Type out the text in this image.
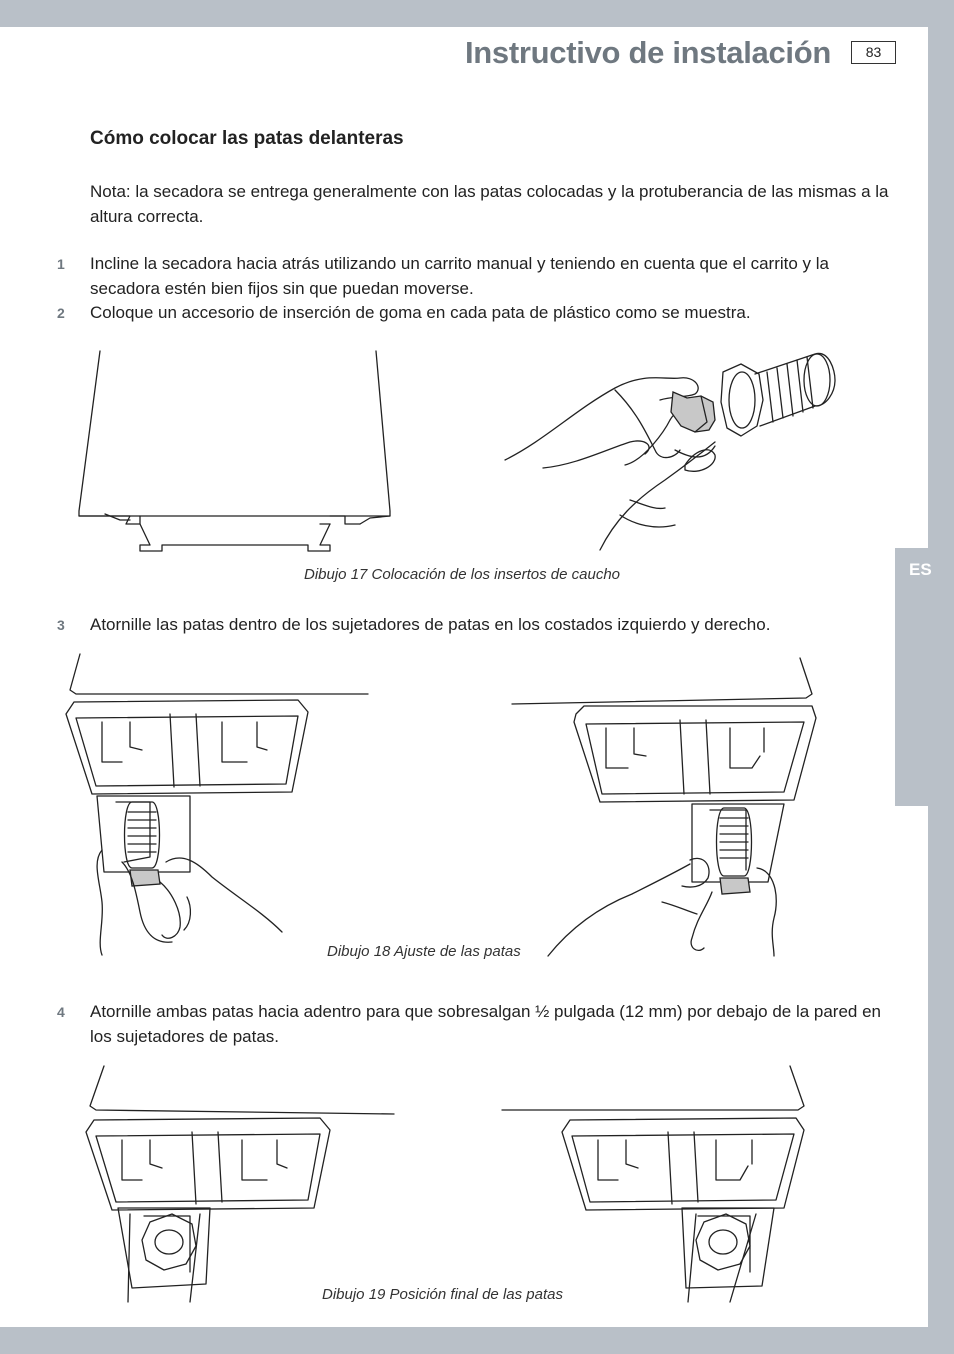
ES
Instructivo de instalación	83
Cómo colocar las patas delanteras
Nota: la secadora se entrega generalmente con las patas colocadas y la protuberancia de las mismas a la altura correcta.
1 Incline la secadora hacia atrás utilizando un carrito manual y teniendo en cuenta que el carrito y la secadora estén bien fijos sin que puedan moverse.
2 Coloque un accesorio de inserción de goma en cada pata de plástico como se muestra.
Dibujo 17 Colocación de los insertos de caucho
3 Atornille las patas dentro de los sujetadores de patas en los costados izquierdo y derecho.
Dibujo 18 Ajuste de las patas
4 Atornille ambas patas hacia adentro para que sobresalgan ½ pulgada (12 mm) por debajo de la pared en los sujetadores de patas.
Dibujo 19 Posición final de las patas
